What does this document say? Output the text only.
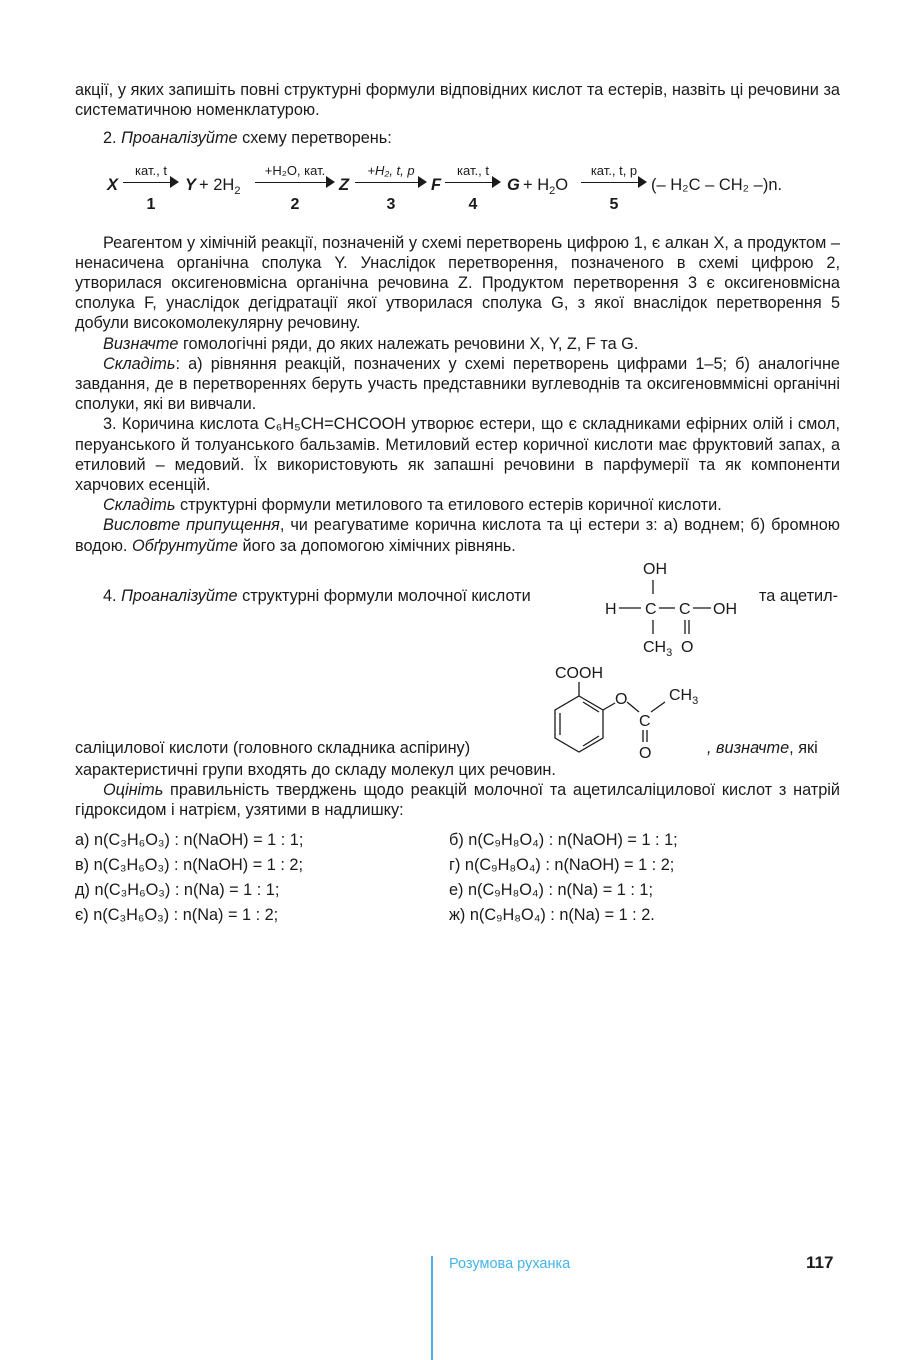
акції, у яких запишіть повні структурні формули відповідних кислот та естерів, назвіть ці речовини за систематичною номенклатурою.

2. Проаналізуйте схему перетворень:

X
кат., t
1
$Y + 2H_2$
+H₂O, кат.
2
Z
+H₂, t, p
3
F
кат., t
4
$G + H_2O$
кат., t, p
5
(– H₂C – CH₂ –)n.

Реагентом у хімічній реакції, позначеній у схемі перетворень цифрою 1, є алкан X, а продуктом – ненасичена органічна сполука Y. Унаслідок перетворення, позначеного в схемі цифрою 2, утворилася оксигеновмісна органічна речовина Z. Продуктом перетворення 3 є оксигеновмісна сполука F, унаслідок дегідратації якої утворилася сполука G, з якої внаслідок перетворення 5 добули високомолекулярну речовину.

Визначте гомологічні ряди, до яких належать речовини X, Y, Z, F та G.

Складіть: а) рівняння реакцій, позначених у схемі перетворень цифрами 1–5; б) аналогічне завдання, де в перетвореннях беруть участь представники вуглеводнів та оксигеновммісні органічні сполуки, які ви вивчали.

3. Коричина кислота C₆H₅CH=CHCOOH утворює естери, що є складниками ефірних олій і смол, перуанського й толуанського бальзамів. Метиловий естер коричної кислоти має фруктовий запах, а етиловий – медовий. Їх використовують як запашні речовини в парфумерії та як компоненти харчових есенцій.

Складіть структурні формули метилового та етилового естерів коричної кислоти.

Висловте припущення, чи реагуватиме корична кислота та ці естери з: а) воднем; б) бромною водою. Обґрунтуйте його за допомогою хімічних рівнянь.

4. Проаналізуйте структурні формули молочної кислоти
OH
H C C OH
$CH_3$ O
та ацетил-
саліцилової кислоти (головного складника аспірину)
COOH
O
C
$CH_3$
O	, визначте, які

характеристичні групи входять до складу молекул цих речовин.

Оцініть правильність тверджень щодо реакцій молочної та ацетилсаліцилової кислот з натрій гідроксидом і натрієм, узятими в надлишку:

а) n(C₃H₆O₃) : n(NaOH) = 1 : 1;	б) n(C₉H₈O₄) : n(NaOH) = 1 : 1;
в) n(C₃H₆O₃) : n(NaOH) = 1 : 2;	г) n(C₉H₈O₄) : n(NaOH) = 1 : 2;
д) n(C₃H₆O₃) : n(Na) = 1 : 1;	е) n(C₉H₈O₄) : n(Na) = 1 : 1;
є) n(C₃H₆O₃) : n(Na) = 1 : 2;	ж) n(C₉H₈O₄) : n(Na) = 1 : 2.
Розумова руханка	117
